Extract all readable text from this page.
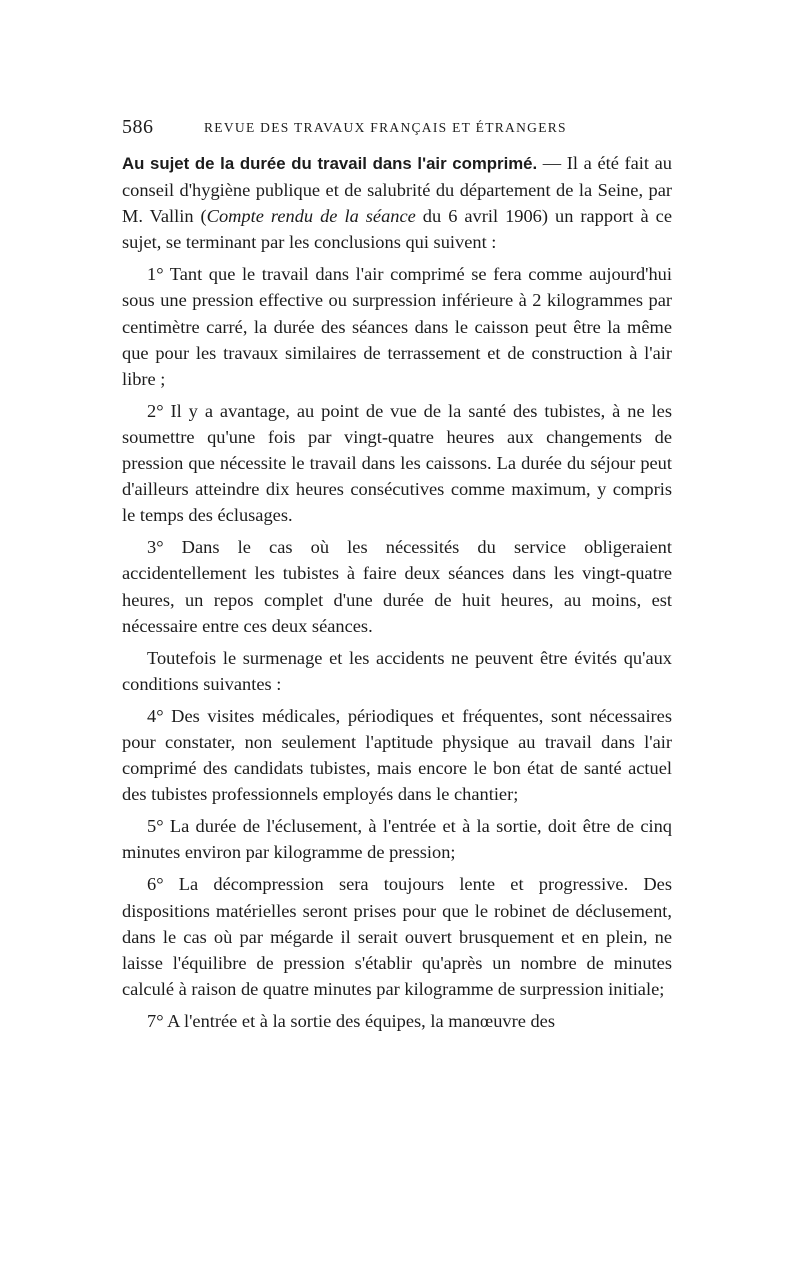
586	REVUE DES TRAVAUX FRANÇAIS ET ÉTRANGERS

Au sujet de la durée du travail dans l'air comprimé. — Il a été fait au conseil d'hygiène publique et de salubrité du département de la Seine, par M. Vallin (Compte rendu de la séance du 6 avril 1906) un rapport à ce sujet, se terminant par les conclusions qui suivent :

1° Tant que le travail dans l'air comprimé se fera comme aujourd'hui sous une pression effective ou surpression inférieure à 2 kilogrammes par centimètre carré, la durée des séances dans le caisson peut être la même que pour les travaux similaires de terrassement et de construction à l'air libre ;

2° Il y a avantage, au point de vue de la santé des tubistes, à ne les soumettre qu'une fois par vingt-quatre heures aux changements de pression que nécessite le travail dans les caissons. La durée du séjour peut d'ailleurs atteindre dix heures consécutives comme maximum, y compris le temps des éclusages.

3° Dans le cas où les nécessités du service obligeraient accidentellement les tubistes à faire deux séances dans les vingt-quatre heures, un repos complet d'une durée de huit heures, au moins, est nécessaire entre ces deux séances.

Toutefois le surmenage et les accidents ne peuvent être évités qu'aux conditions suivantes :

4° Des visites médicales, périodiques et fréquentes, sont nécessaires pour constater, non seulement l'aptitude physique au travail dans l'air comprimé des candidats tubistes, mais encore le bon état de santé actuel des tubistes professionnels employés dans le chantier;

5° La durée de l'éclusement, à l'entrée et à la sortie, doit être de cinq minutes environ par kilogramme de pression;

6° La décompression sera toujours lente et progressive. Des dispositions matérielles seront prises pour que le robinet de déclusement, dans le cas où par mégarde il serait ouvert brusquement et en plein, ne laisse l'équilibre de pression s'établir qu'après un nombre de minutes calculé à raison de quatre minutes par kilogramme de surpression initiale;

7° A l'entrée et à la sortie des équipes, la manœuvre des
